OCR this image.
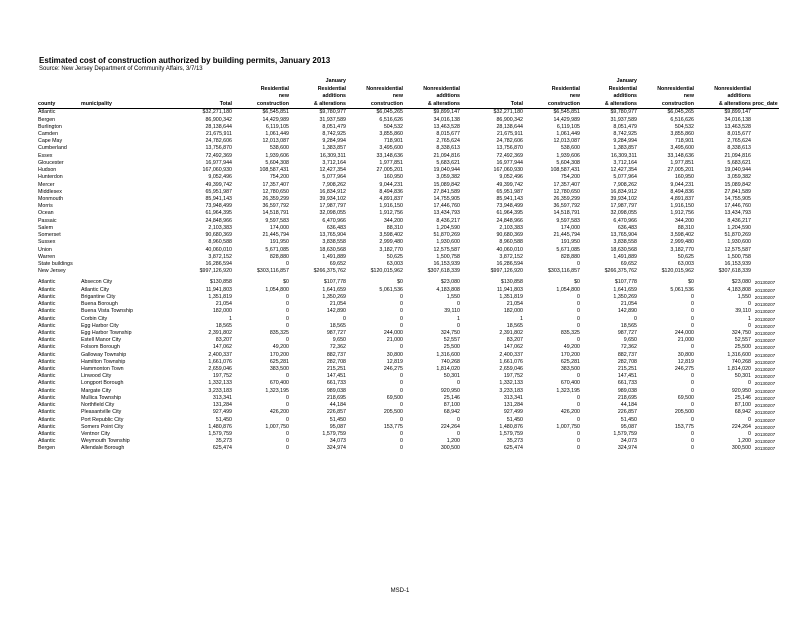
Estimated cost of construction authorized by building permits, January 2013
Source: New Jersey Department of Community Affairs, 3/7/13
				January					January			
			Residential	Residential	Nonresidential	Nonresidential		Residential	Residential	Nonresidential	Nonresidential	
			new	additions	new	additions		new	additions	new	additions	
county	municipality	Total	construction	& alterations	construction	& alterations	Total	construction	& alterations	construction	& alterations	proc_date
Atlantic		$32,271,180	$6,545,851	$9,780,977	$6,045,265	$9,899,147	$32,271,180	$6,545,851	$9,780,977	$6,045,265	$9,899,147	
Bergen		86,900,342	14,429,989	31,937,589	6,516,626	34,016,138	86,900,342	14,429,989	31,937,589	6,516,626	34,016,138	
Burlington		28,138,644	6,119,105	8,051,479	504,532	13,463,528	28,138,644	6,119,105	8,051,479	504,532	13,463,528	
Camden		21,675,911	1,061,449	8,742,925	3,855,860	8,015,677	21,675,911	1,061,449	8,742,925	3,855,860	8,015,677	
Cape May		24,782,606	12,013,087	9,284,994	718,901	2,765,624	24,782,606	12,013,087	9,284,994	718,901	2,765,624	
Cumberland		13,756,870	538,600	1,383,857	3,495,600	8,338,613	13,756,870	538,600	1,383,857	3,495,600	8,338,613	
Essex		72,492,369	1,939,606	16,309,311	33,148,636	21,094,816	72,492,369	1,939,606	16,309,311	33,148,636	21,094,816	
Gloucester		16,977,944	5,604,308	3,712,164	1,977,851	5,683,621	16,977,944	5,604,308	3,712,164	1,977,851	5,683,621	
Hudson		167,060,930	108,587,431	12,427,354	27,005,201	19,040,944	167,060,930	108,587,431	12,427,354	27,005,201	19,040,944	
Hunterdon		9,052,496	754,200	5,077,964	160,950	3,059,382	9,052,496	754,200	5,077,964	160,950	3,059,382	
Mercer		49,399,742	17,357,407	7,908,262	9,044,231	15,089,842	49,399,742	17,357,407	7,908,262	9,044,231	15,089,842	
Middlesex		65,951,987	12,780,650	16,834,912	8,494,836	27,841,589	65,951,987	12,780,650	16,834,912	8,494,836	27,841,589	
Monmouth		85,941,143	26,359,299	39,934,102	4,891,837	14,755,905	85,941,143	26,359,299	39,934,102	4,891,837	14,755,905	
Morris		73,948,499	36,597,792	17,987,797	1,916,150	17,446,760	73,948,499	36,597,792	17,987,797	1,916,150	17,446,760	
Ocean		61,964,395	14,518,791	32,098,055	1,912,756	13,434,793	61,964,395	14,518,791	32,098,055	1,912,756	13,434,793	
Passaic		24,848,966	9,597,583	6,470,966	344,200	8,436,217	24,848,966	9,597,583	6,470,966	344,200	8,436,217	
Salem		2,103,383	174,000	636,483	88,310	1,204,590	2,103,383	174,000	636,483	88,310	1,204,590	
Somerset		90,680,369	21,445,794	13,765,904	3,598,402	51,870,269	90,680,369	21,445,794	13,765,904	3,598,402	51,870,269	
Sussex		8,960,588	191,950	3,838,558	2,999,480	1,930,600	8,960,588	191,950	3,838,558	2,999,480	1,930,600	
Union		40,060,010	5,671,085	18,630,568	3,182,770	12,575,587	40,060,010	5,671,085	18,630,568	3,182,770	12,575,587	
Warren		3,872,152	828,880	1,491,889	50,625	1,500,758	3,872,152	828,880	1,491,889	50,625	1,500,758	
State buildings		16,286,594	0	69,652	63,003	16,153,939	16,286,594	0	69,652	63,003	16,153,939	
New Jersey		$997,126,920	$303,116,857	$266,375,762	$120,015,962	$307,618,339	$997,126,920	$303,116,857	$266,375,762	$120,015,962	$307,618,339	

Atlantic	Absecon City	$130,858	$0	$107,778	$0	$23,080	$130,858	$0	$107,778	$0	$23,080	20130207
Atlantic	Atlantic City	11,941,803	1,054,800	1,641,659	5,061,536	4,183,808	11,941,803	1,054,800	1,641,659	5,061,536	4,183,808	20130207
Atlantic	Brigantine City	1,351,819	0	1,350,269	0	1,550	1,351,819	0	1,350,269	0	1,550	20130207
Atlantic	Buena Borough	21,054	0	21,054	0	0	21,054	0	21,054	0	0	20130207
Atlantic	Buena Vista Township	182,000	0	142,890	0	39,110	182,000	0	142,890	0	39,110	20130207
Atlantic	Corbin City	1	0	0	0	1	1	0	0	0	1	20130207
Atlantic	Egg Harbor City	18,565	0	18,565	0	0	18,565	0	18,565	0	0	20130207
Atlantic	Egg Harbor Township	2,391,802	835,325	987,727	244,000	324,750	2,391,802	835,325	987,727	244,000	324,750	20130207
Atlantic	Estell Manor City	83,207	0	9,650	21,000	52,557	83,207	0	9,650	21,000	52,557	20130207
Atlantic	Folsom Borough	147,062	49,200	72,362	0	25,500	147,062	49,200	72,362	0	25,500	20130207
Atlantic	Galloway Township	2,400,337	170,200	882,737	30,800	1,316,600	2,400,337	170,200	882,737	30,800	1,316,600	20130207
Atlantic	Hamilton Township	1,661,076	625,281	282,708	12,819	740,268	1,661,076	625,281	282,708	12,819	740,268	20130207
Atlantic	Hammonton Town	2,659,046	383,500	215,251	246,275	1,814,020	2,659,046	383,500	215,251	246,275	1,814,020	20130207
Atlantic	Linwood City	197,752	0	147,451	0	50,301	197,752	0	147,451	0	50,301	20130207
Atlantic	Longport Borough	1,332,133	670,400	661,733	0	0	1,332,133	670,400	661,733	0	0	20130207
Atlantic	Margate City	3,233,183	1,323,195	989,038	0	920,950	3,233,183	1,323,195	989,038	0	920,950	20130207
Atlantic	Mullica Township	313,341	0	218,695	69,500	25,146	313,341	0	218,695	69,500	25,146	20130207
Atlantic	Northfield City	131,284	0	44,184	0	87,100	131,284	0	44,184	0	87,100	20130207
Atlantic	Pleasantville City	927,499	426,200	226,857	205,500	68,942	927,499	426,200	226,857	205,500	68,942	20130207
Atlantic	Port Republic City	51,450	0	51,450	0	0	51,450	0	51,450	0	0	20130207
Atlantic	Somers Point City	1,480,876	1,007,750	95,087	153,775	224,264	1,480,876	1,007,750	95,087	153,775	224,264	20130207
Atlantic	Ventnor City	1,579,759	0	1,579,759	0	0	1,579,759	0	1,579,759	0	0	20130207
Atlantic	Weymouth Township	35,273	0	34,073	0	1,200	35,273	0	34,073	0	1,200	20130207
Bergen	Allendale Borough	625,474	0	324,974	0	300,500	625,474	0	324,974	0	300,500	20130207
MSD-1
